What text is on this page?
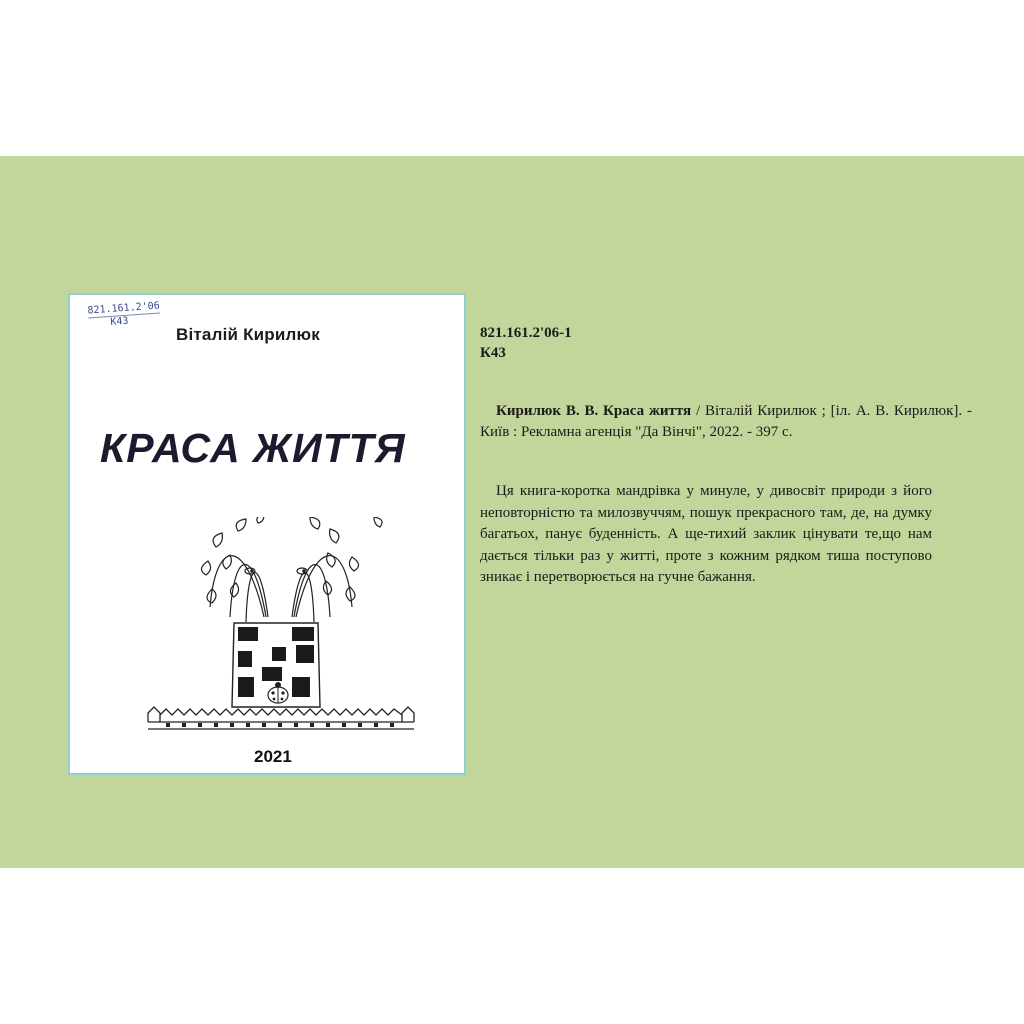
821.161.2'06
К43
Віталій Кирилюк
КРАСА ЖИТТЯ
2021
821.161.2'06-1
К43
Кирилюк В. В. Краса життя / Віталій Кирилюк ; [іл. А. В. Кирилюк]. - Київ : Рекламна агенція "Да Вінчі", 2022. - 397 с.
Ця книга-коротка мандрівка у минуле, у дивосвіт природи з його неповторністю та милозвуччям, пошук прекрасного там, де, на думку багатьох, панує буденність. А ще-тихий заклик цінувати те,що нам дається тільки раз у житті, проте з кожним рядком тиша поступово зникає і перетворюється на гучне бажання.
